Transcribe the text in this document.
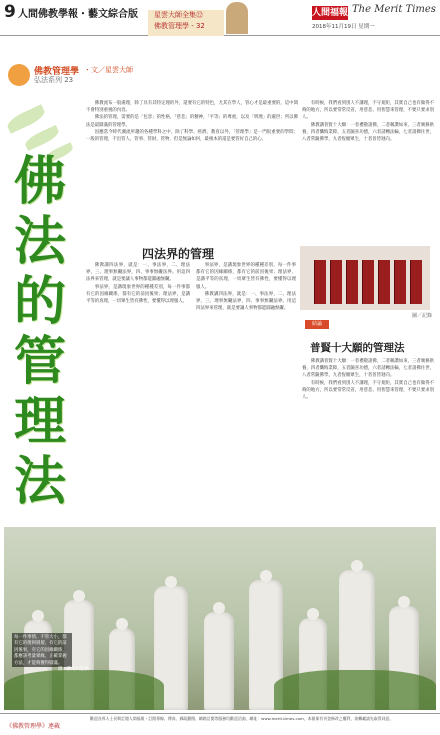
9 人間佛教學報・藝文綜合版	星雲大師全集㉒
佛教管理學 - 32
人間福報 The Merit Times
2018年11月19日 星期一
佛教管理學 ・文／星雲大師
弘法系列 23
佛法的管理法

佛教流布一般處理，除了具有其特定理的外，還要有它的特色，尤其在學人，管心才是最重要的，這中間不會特別重視的內容。

佛法的管理，需要的是「包容」的性格，「慈悲」的精神，「平等」的尊重，以及「明理」的處世；所以佛法是最圓滿的管理學。

因應當今時代潮流所趨的各種學科之中，除了科學、經濟、教育以外，「管理學」是一門很重要的學問；一般的管理，不出管人、管事、管財、管物，但是無論如何，最根本的還是要管好自己的心。

四法界的管理

佛教講四法界，就是：一、事法界，二、理法界，三、理事無礙法界，四、事事無礙法界。用這四法界來管理，就是要讓人事物都能圓融無礙。

事法界，是講現象世界的種種差別，每一件事都有它的因緣關係，都有它的前因後果；理法界，是講平等的真理，一切眾生皆有佛性，要懂得以理服人。

事法界，是講現象世界的種種差別，每一件事都有它的因緣關係，都有它的前因後果；理法界，是講平等的真理，一切眾生皆有佛性，要懂得以理服人。

佛教講四法界，就是：一、事法界，二、理法界，三、理事無礙法界，四、事事無礙法界。用這四法界來管理，就是要讓人事物都能圓融無礙。

有時候，我們看到別人不講理，不守規矩，其實自己也有做得不夠的地方，所以要常常反省，用慈悲、用智慧來管理，不要只要求別人。

佛教講普賢十大願：一者禮敬諸佛，二者稱讚如來，三者廣修供養，四者懺悔業障，五者隨喜功德，六者請轉法輪，七者請佛住世，八者常隨佛學，九者恆順眾生，十者普皆迴向。

圖／記錄
結論
普賢十大願的管理法

佛教講普賢十大願：一者禮敬諸佛，二者稱讚如來，三者廣修供養，四者懺悔業障，五者隨喜功德，六者請轉法輪，七者請佛住世，八者常隨佛學，九者恆順眾生，十者普皆迴向。

有時候，我們看到別人不講理，不守規矩，其實自己也有做得不夠的地方，所以要常常反省，用慈悲、用智慧來管理，不要只要求別人。

每一件事情、不管大小，都有它的理則層層，有它的前因後果，有它的因緣關係，都應該考量眾緣，正確掌握方法，才能夠獲得圓滿。
圖／佛光山提供
《佛教管理學》連載
歡迎各界人士長期訂閱人間福報・訂閱專線、傳真、郵政劃撥、網路訂閱等服務均歡迎洽詢，網址：www.merit-times.com，本報保有刊登修改之權利，欲轉載請先取得同意。
